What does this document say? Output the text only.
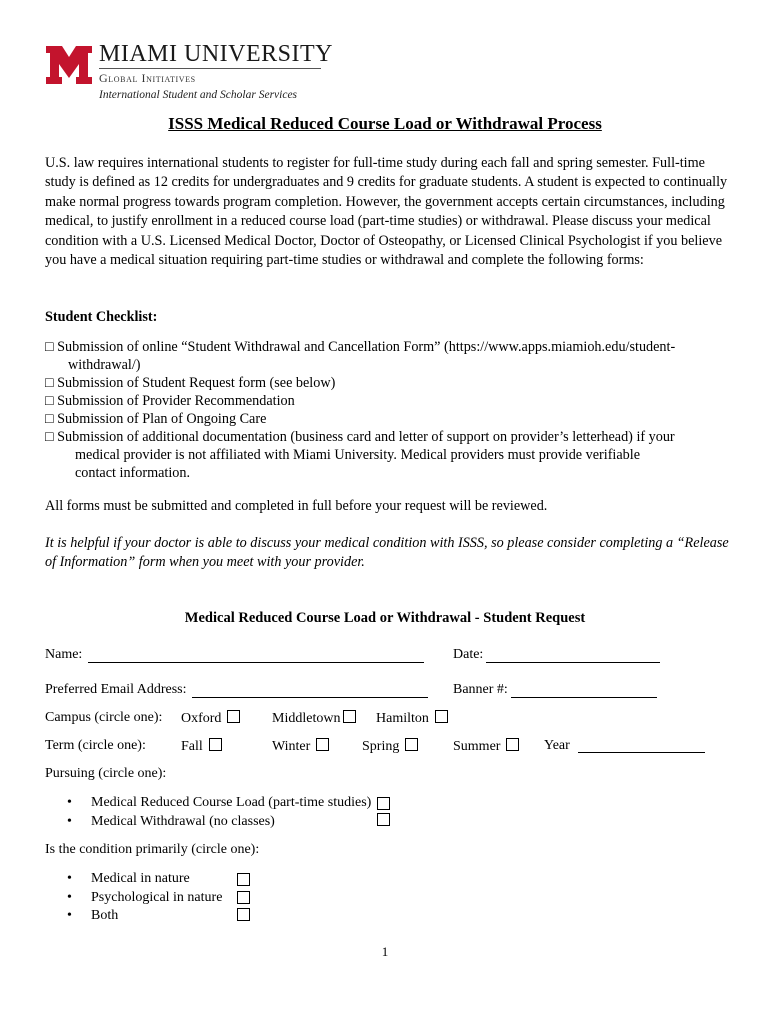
MIAMI UNIVERSITY
Global Initiatives
International Student and Scholar Services
ISSS Medical Reduced Course Load or Withdrawal Process
U.S. law requires international students to register for full-time study during each fall and spring semester. Full-time study is defined as 12 credits for undergraduates and 9 credits for graduate students. A student is expected to continually make normal progress towards program completion. However, the government accepts certain circumstances, including medical, to justify enrollment in a reduced course load (part-time studies) or withdrawal. Please discuss your medical condition with a U.S. Licensed Medical Doctor, Doctor of Osteopathy, or Licensed Clinical Psychologist if you believe you have a medical situation requiring part-time studies or withdrawal and complete the following forms:
Student Checklist:
□ Submission of online “Student Withdrawal and Cancellation Form” (https://www.apps.miamioh.edu/student-
withdrawal/)
□ Submission of Student Request form (see below)
□ Submission of Provider Recommendation
□ Submission of Plan of Ongoing Care
□ Submission of additional documentation (business card and letter of support on provider’s letterhead) if your
medical provider is not affiliated with Miami University. Medical providers must provide verifiable
contact information.
All forms must be submitted and completed in full before your request will be reviewed.
It is helpful if your doctor is able to discuss your medical condition with ISSS, so please consider completing a “Release of Information” form when you meet with your provider.
Medical Reduced Course Load or Withdrawal - Student Request
Name:	Date:
Preferred Email Address:	Banner #:
Campus (circle one): Oxford	Middletown	Hamilton
Term (circle one):	Fall	Winter	Spring	Summer	Year
Pursuing (circle one):
• Medical Reduced Course Load (part-time studies)
• Medical Withdrawal (no classes)
Is the condition primarily (circle one):
• Medical in nature
• Psychological in nature
• Both
1
